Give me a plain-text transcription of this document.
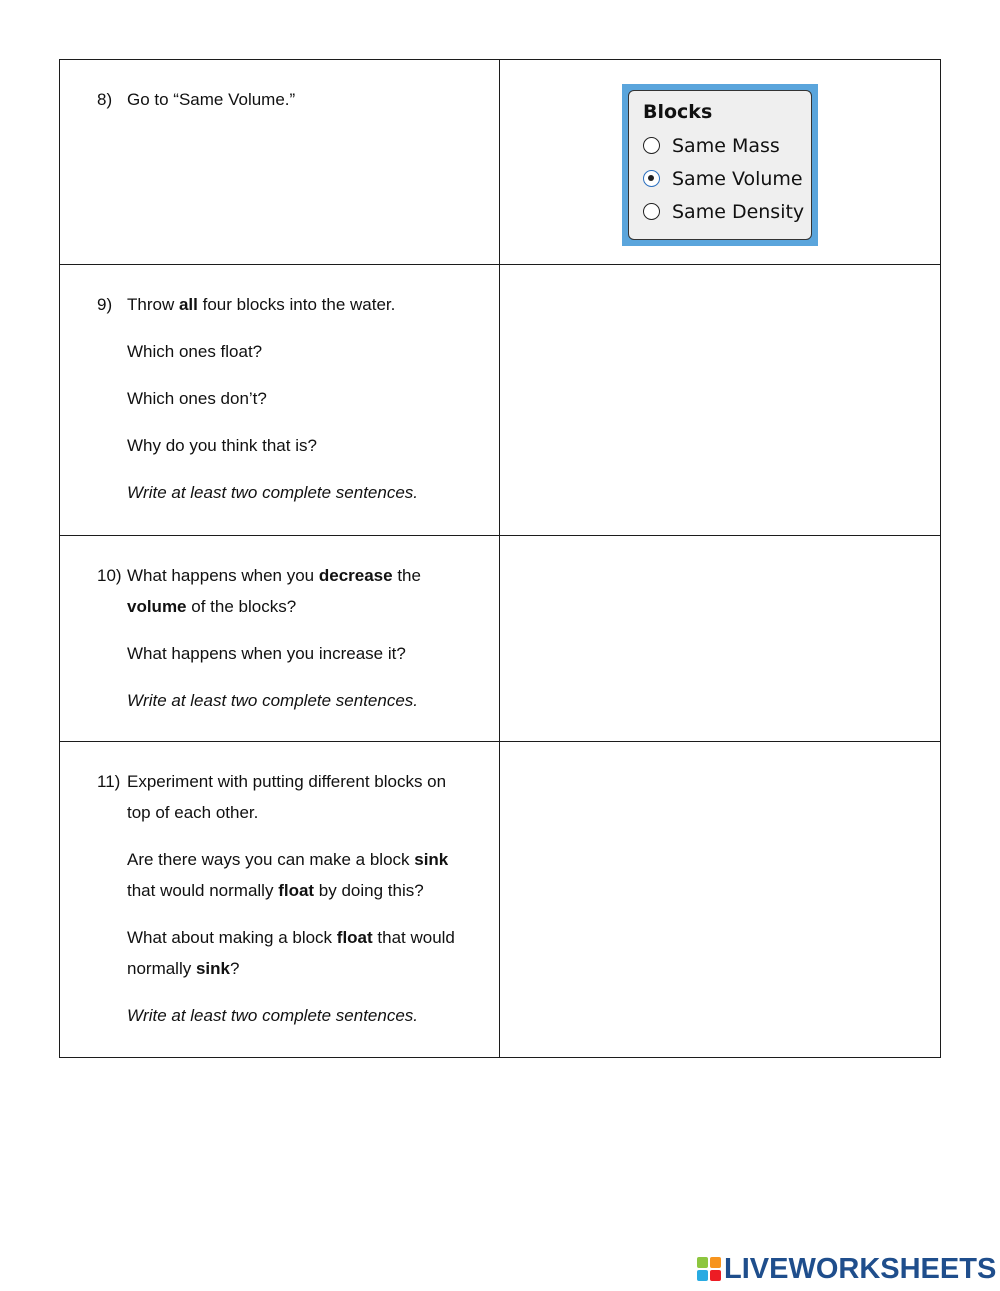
8) Go to “Same Volume.”
Blocks
Same Mass
Same Volume
Same Density
9) Throw all four blocks into the water.
Which ones float?
Which ones don’t?
Why do you think that is?
Write at least two complete sentences.
10) What happens when you decrease the
volume of the blocks?
What happens when you increase it?
Write at least two complete sentences.
11) Experiment with putting different blocks on
top of each other.
Are there ways you can make a block sink
that would normally float by doing this?
What about making a block float that would
normally sink?
Write at least two complete sentences.
LIVEWORKSHEETS
